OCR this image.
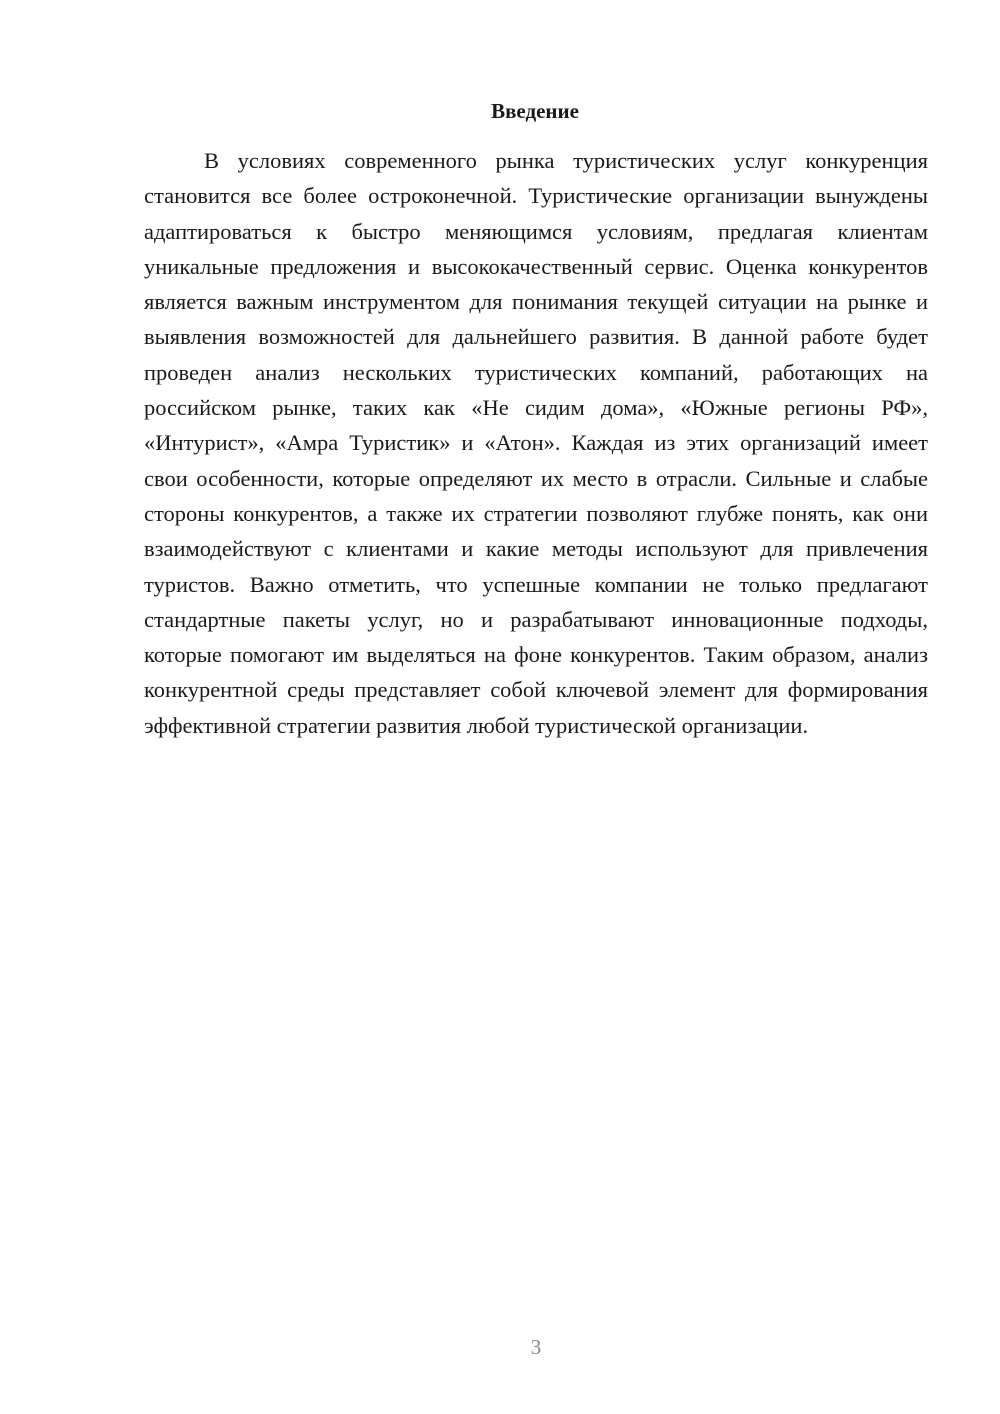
Введение

В условиях современного рынка туристических услуг конкуренция становится все более остроконечной. Туристические организации вынуждены адаптироваться к быстро меняющимся условиям, предлагая клиентам уникальные предложения и высококачественный сервис. Оценка конкурентов является важным инструментом для понимания текущей ситуации на рынке и выявления возможностей для дальнейшего развития. В данной работе будет проведен анализ нескольких туристических компаний, работающих на российском рынке, таких как «Не сидим дома», «Южные регионы РФ», «Интурист», «Амра Туристик» и «Атон». Каждая из этих организаций имеет свои особенности, которые определяют их место в отрасли. Сильные и слабые стороны конкурентов, а также их стратегии позволяют глубже понять, как они взаимодействуют с клиентами и какие методы используют для привлечения туристов. Важно отметить, что успешные компании не только предлагают стандартные пакеты услуг, но и разрабатывают инновационные подходы, которые помогают им выделяться на фоне конкурентов. Таким образом, анализ конкурентной среды представляет собой ключевой элемент для формирования эффективной стратегии развития любой туристической организации.

3
